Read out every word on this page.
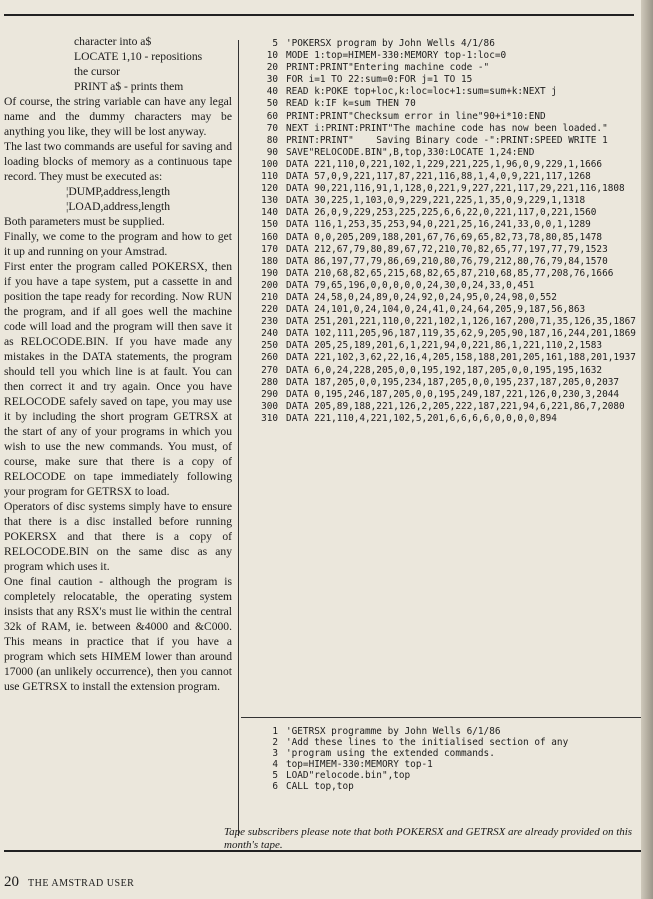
character into a$

LOCATE 1,10 - repositions

the cursor

PRINT a$ - prints them

Of course, the string variable can have any legal name and the dummy characters may be anything you like, they will be lost anyway.

The last two commands are useful for saving and loading blocks of memory as a continuous tape record. They must be executed as:

¦DUMP,address,length

¦LOAD,address,length

Both parameters must be supplied.

Finally, we come to the program and how to get it up and running on your Amstrad.

First enter the program called POKERSX, then if you have a tape system, put a cassette in and position the tape ready for recording. Now RUN the program, and if all goes well the machine code will load and the program will then save it as RELOCODE.BIN. If you have made any mistakes in the DATA statements, the program should tell you which line is at fault. You can then correct it and try again. Once you have RELOCODE safely saved on tape, you may use it by including the short program GETRSX at the start of any of your programs in which you wish to use the new commands. You must, of course, make sure that there is a copy of RELOCODE on tape immediately following your program for GETRSX to load.

Operators of disc systems simply have to ensure that there is a disc installed before running POKERSX and that there is a copy of RELOCODE.BIN on the same disc as any program which uses it.

One final caution - although the program is completely relocatable, the operating system insists that any RSX's must lie within the central 32k of RAM, ie. between &4000 and &C000. This means in practice that if you have a program which sets HIMEM lower than around 17000 (an unlikely occurrence), then you cannot use GETRSX to install the extension program.

5 'POKERSX program by John Wells 4/1/86
10 MODE 1:top=HIMEM-330:MEMORY top-1:loc=0
20 PRINT:PRINT"Entering machine code -"
30 FOR i=1 TO 22:sum=0:FOR j=1 TO 15
40 READ k:POKE top+loc,k:loc=loc+1:sum=sum+k:NEXT j
50 READ k:IF k=sum THEN 70
60 PRINT:PRINT"Checksum error in line"90+i*10:END
70 NEXT i:PRINT:PRINT"The machine code has now been loaded."
80 PRINT:PRINT"    Saving Binary code -":PRINT:SPEED WRITE 1
90 SAVE"RELOCODE.BIN",B,top,330:LOCATE 1,24:END
100 DATA 221,110,0,221,102,1,229,221,225,1,96,0,9,229,1,1666
110 DATA 57,0,9,221,117,87,221,116,88,1,4,0,9,221,117,1268
120 DATA 90,221,116,91,1,128,0,221,9,227,221,117,29,221,116,1808
130 DATA 30,225,1,103,0,9,229,221,225,1,35,0,9,229,1,1318
140 DATA 26,0,9,229,253,225,225,6,6,22,0,221,117,0,221,1560
150 DATA 116,1,253,35,253,94,0,221,25,16,241,33,0,0,1,1289
160 DATA 0,0,205,209,188,201,67,76,69,65,82,73,78,80,85,1478
170 DATA 212,67,79,80,89,67,72,210,70,82,65,77,197,77,79,1523
180 DATA 86,197,77,79,86,69,210,80,76,79,212,80,76,79,84,1570
190 DATA 210,68,82,65,215,68,82,65,87,210,68,85,77,208,76,1666
200 DATA 79,65,196,0,0,0,0,0,24,30,0,24,33,0,451
210 DATA 24,58,0,24,89,0,24,92,0,24,95,0,24,98,0,552
220 DATA 24,101,0,24,104,0,24,41,0,24,64,205,9,187,56,863
230 DATA 251,201,221,110,0,221,102,1,126,167,200,71,35,126,35,1867
240 DATA 102,111,205,96,187,119,35,62,9,205,90,187,16,244,201,1869
250 DATA 205,25,189,201,6,1,221,94,0,221,86,1,221,110,2,1583
260 DATA 221,102,3,62,22,16,4,205,158,188,201,205,161,188,201,1937
270 DATA 6,0,24,228,205,0,0,195,192,187,205,0,0,195,195,1632
280 DATA 187,205,0,0,195,234,187,205,0,0,195,237,187,205,0,2037
290 DATA 0,195,246,187,205,0,0,195,249,187,221,126,0,230,3,2044
300 DATA 205,89,188,221,126,2,205,222,187,221,94,6,221,86,7,2080
310 DATA 221,110,4,221,102,5,201,6,6,6,6,0,0,0,0,894
1 'GETRSX programme by John Wells 6/1/86
2 'Add these lines to the initialised section of any
3 'program using the extended commands.
4 top=HIMEM-330:MEMORY top-1
5 LOAD"relocode.bin",top
6 CALL top,top
Tape subscribers please note that both POKERSX and GETRSX are already provided on this month's tape.
20 THE AMSTRAD USER
